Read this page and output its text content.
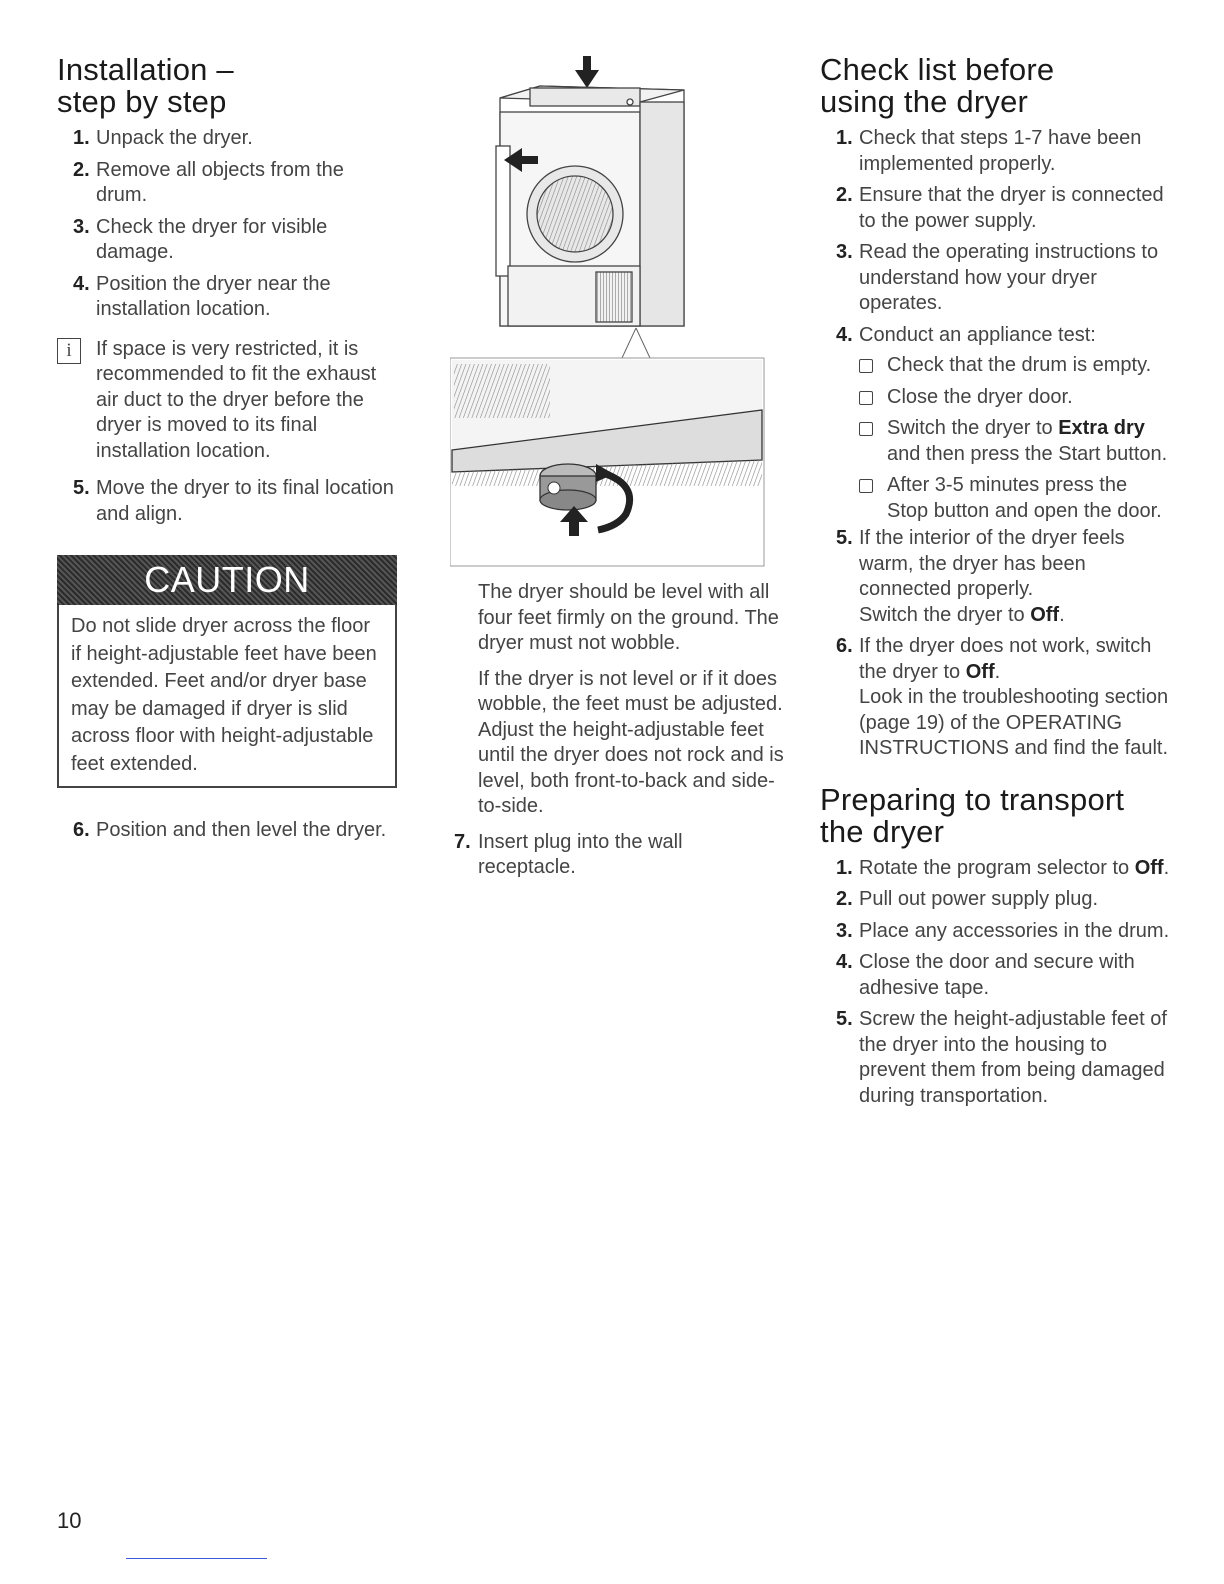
Installation –
step by step
1. Unpack the dryer.
2. Remove all objects from the drum.
3. Check the dryer for visible damage.
4. Position the dryer near the installation location.
i	If space is very restricted, it is recommended to fit the exhaust air duct to the dryer before the dryer is moved to its final installation location.
5. Move the dryer to its final location and align.
CAUTION
Do not slide dryer across the floor if height-adjustable feet have been extended. Feet and/or dryer base may be damaged if dryer is slid across floor with height-adjustable feet extended.
6. Position and then level the dryer.

The dryer should be level with all four feet firmly on the ground. The dryer must not wobble.

If the dryer is not level or if it does wobble, the feet must be adjusted. Adjust the height-adjustable feet until the dryer does not rock and is level, both front-to-back and side-to-side.

7. Insert plug into the wall receptacle.
Check list before
using the dryer
1. Check that steps 1-7 have been implemented properly.
2. Ensure that the dryer is connected to the power supply.
3. Read the operating instructions to understand how your dryer operates.
4. Conduct an appliance test:
Check that the drum is empty.
Close the dryer door.
Switch the dryer to Extra dry and then press the Start button.
After 3-5 minutes press the Stop button and open the door.
5. If the interior of the dryer feels warm, the dryer has been connected properly.
Switch the dryer to Off.
6. If the dryer does not work, switch the dryer to Off.
Look in the troubleshooting section (page 19) of the OPERATING INSTRUCTIONS and find the fault.
Preparing to transport
the dryer
1. Rotate the program selector to Off.
2. Pull out power supply plug.
3. Place any accessories in the drum.
4. Close the door and secure with adhesive tape.
5. Screw the height-adjustable feet of the dryer into the housing to prevent them from being damaged during transportation.
10
